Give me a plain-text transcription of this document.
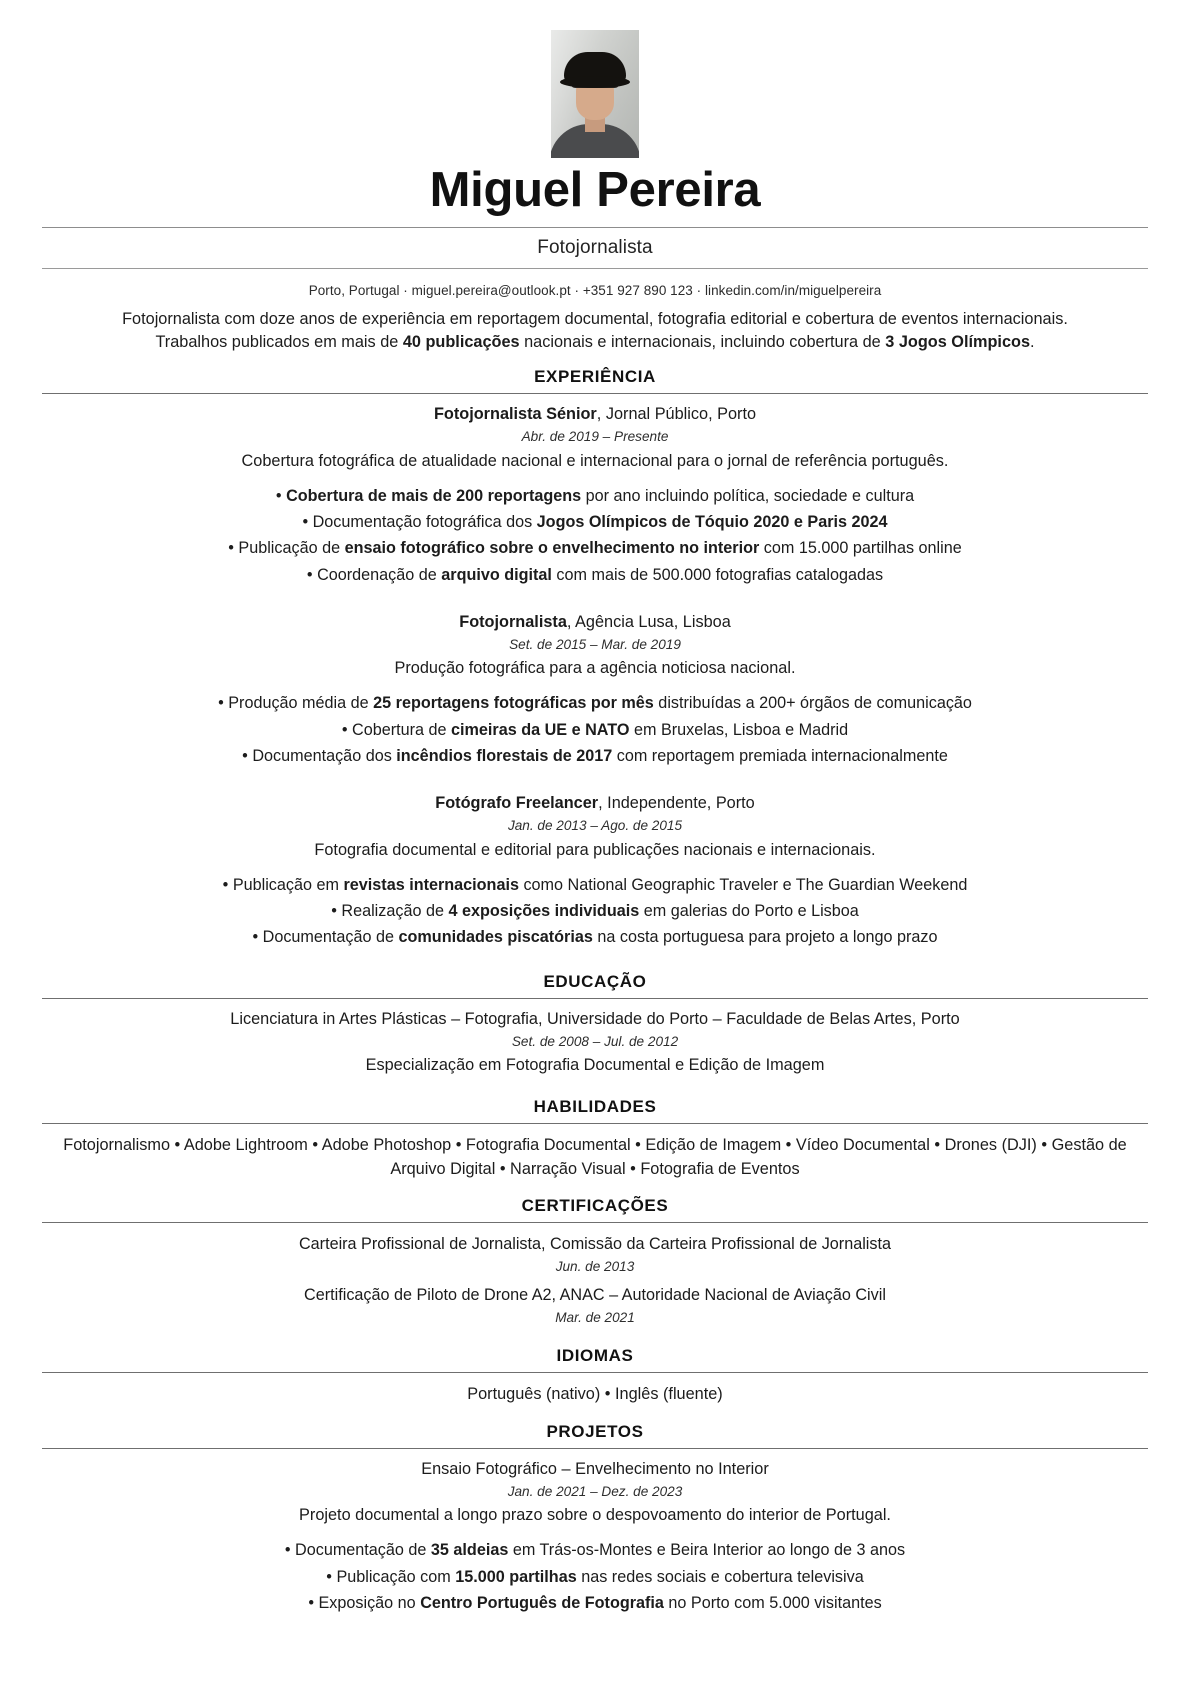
Miguel Pereira
Fotojornalista
Porto, Portugal · miguel.pereira@outlook.pt · +351 927 890 123 · linkedin.com/in/miguelpereira
Fotojornalista com doze anos de experiência em reportagem documental, fotografia editorial e cobertura de eventos internacionais.
Trabalhos publicados em mais de 40 publicações nacionais e internacionais, incluindo cobertura de 3 Jogos Olímpicos.
EXPERIÊNCIA
Fotojornalista Sénior, Jornal Público, Porto
Abr. de 2019 – Presente
Cobertura fotográfica de atualidade nacional e internacional para o jornal de referência português.
• Cobertura de mais de 200 reportagens por ano incluindo política, sociedade e cultura
• Documentação fotográfica dos Jogos Olímpicos de Tóquio 2020 e Paris 2024
• Publicação de ensaio fotográfico sobre o envelhecimento no interior com 15.000 partilhas online
• Coordenação de arquivo digital com mais de 500.000 fotografias catalogadas
Fotojornalista, Agência Lusa, Lisboa
Set. de 2015 – Mar. de 2019
Produção fotográfica para a agência noticiosa nacional.
• Produção média de 25 reportagens fotográficas por mês distribuídas a 200+ órgãos de comunicação
• Cobertura de cimeiras da UE e NATO em Bruxelas, Lisboa e Madrid
• Documentação dos incêndios florestais de 2017 com reportagem premiada internacionalmente
Fotógrafo Freelancer, Independente, Porto
Jan. de 2013 – Ago. de 2015
Fotografia documental e editorial para publicações nacionais e internacionais.
• Publicação em revistas internacionais como National Geographic Traveler e The Guardian Weekend
• Realização de 4 exposições individuais em galerias do Porto e Lisboa
• Documentação de comunidades piscatórias na costa portuguesa para projeto a longo prazo
EDUCAÇÃO
Licenciatura in Artes Plásticas – Fotografia, Universidade do Porto – Faculdade de Belas Artes, Porto
Set. de 2008 – Jul. de 2012
Especialização em Fotografia Documental e Edição de Imagem
HABILIDADES
Fotojornalismo • Adobe Lightroom • Adobe Photoshop • Fotografia Documental • Edição de Imagem • Vídeo Documental • Drones (DJI) • Gestão de Arquivo Digital • Narração Visual • Fotografia de Eventos
CERTIFICAÇÕES
Carteira Profissional de Jornalista, Comissão da Carteira Profissional de Jornalista
Jun. de 2013
Certificação de Piloto de Drone A2, ANAC – Autoridade Nacional de Aviação Civil
Mar. de 2021
IDIOMAS
Português (nativo) • Inglês (fluente)
PROJETOS
Ensaio Fotográfico – Envelhecimento no Interior
Jan. de 2021 – Dez. de 2023
Projeto documental a longo prazo sobre o despovoamento do interior de Portugal.
• Documentação de 35 aldeias em Trás-os-Montes e Beira Interior ao longo de 3 anos
• Publicação com 15.000 partilhas nas redes sociais e cobertura televisiva
• Exposição no Centro Português de Fotografia no Porto com 5.000 visitantes
